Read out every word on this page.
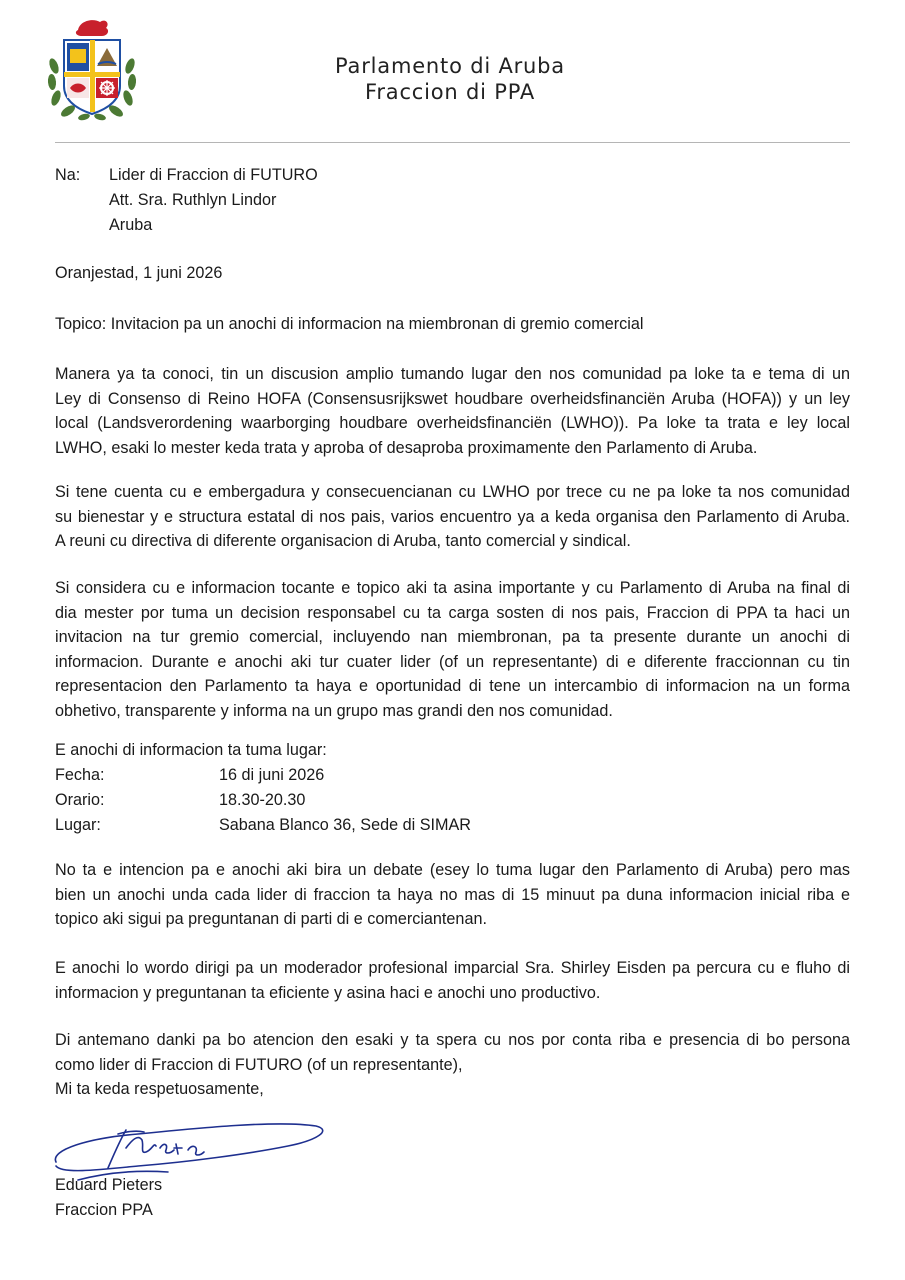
Parlamento di Aruba
Fraccion di PPA
Na: Lider di Fraccion di FUTURO
Att. Sra. Ruthlyn Lindor
Aruba
Oranjestad, 1 juni 2026
Topico: Invitacion pa un anochi di informacion na miembronan di gremio comercial
Manera ya ta conoci, tin un discusion amplio tumando lugar den nos comunidad pa loke ta e tema di un
Ley di Consenso di Reino HOFA (Consensusrijkswet houdbare overheidsfinanciën Aruba (HOFA)) y un ley
local (Landsverordening waarborging houdbare overheidsfinanciën (LWHO)). Pa loke ta trata e ley local
LWHO, esaki lo mester keda trata y aproba of desaproba proximamente den Parlamento di Aruba.
Si tene cuenta cu e embergadura y consecuencianan cu LWHO por trece cu ne pa loke ta nos comunidad
su bienestar y e structura estatal di nos pais, varios encuentro ya a keda organisa den Parlamento di Aruba.
A reuni cu directiva di diferente organisacion di Aruba, tanto comercial y sindical.
Si considera cu e informacion tocante e topico aki ta asina importante y cu Parlamento di Aruba na final di
dia mester por tuma un decision responsabel cu ta carga sosten di nos pais, Fraccion di PPA ta haci un
invitacion na tur gremio comercial, incluyendo nan miembronan, pa ta presente durante un anochi di
informacion. Durante e anochi aki tur cuater lider (of un representante) di e diferente fraccionnan cu tin
representacion den Parlamento ta haya e oportunidad di tene un intercambio di informacion na un forma
obhetivo, transparente y informa na un grupo mas grandi den nos comunidad.
E anochi di informacion ta tuma lugar:
Fecha:	16 di juni 2026
Orario:	18.30-20.30
Lugar:	Sabana Blanco 36, Sede di SIMAR
No ta e intencion pa e anochi aki bira un debate (esey lo tuma lugar den Parlamento di Aruba) pero mas
bien un anochi unda cada lider di fraccion ta haya no mas di 15 minuut pa duna informacion inicial riba e
topico aki sigui pa preguntanan di parti di e comerciantenan.
E anochi lo wordo dirigi pa un moderador profesional imparcial Sra. Shirley Eisden pa percura cu e fluho di
informacion y preguntanan ta eficiente y asina haci e anochi uno productivo.
Di antemano danki pa bo atencion den esaki y ta spera cu nos por conta riba e presencia di bo persona
como lider di Fraccion di FUTURO (of un representante),
Mi ta keda respetuosamente,
Eduard Pieters
Fraccion PPA
